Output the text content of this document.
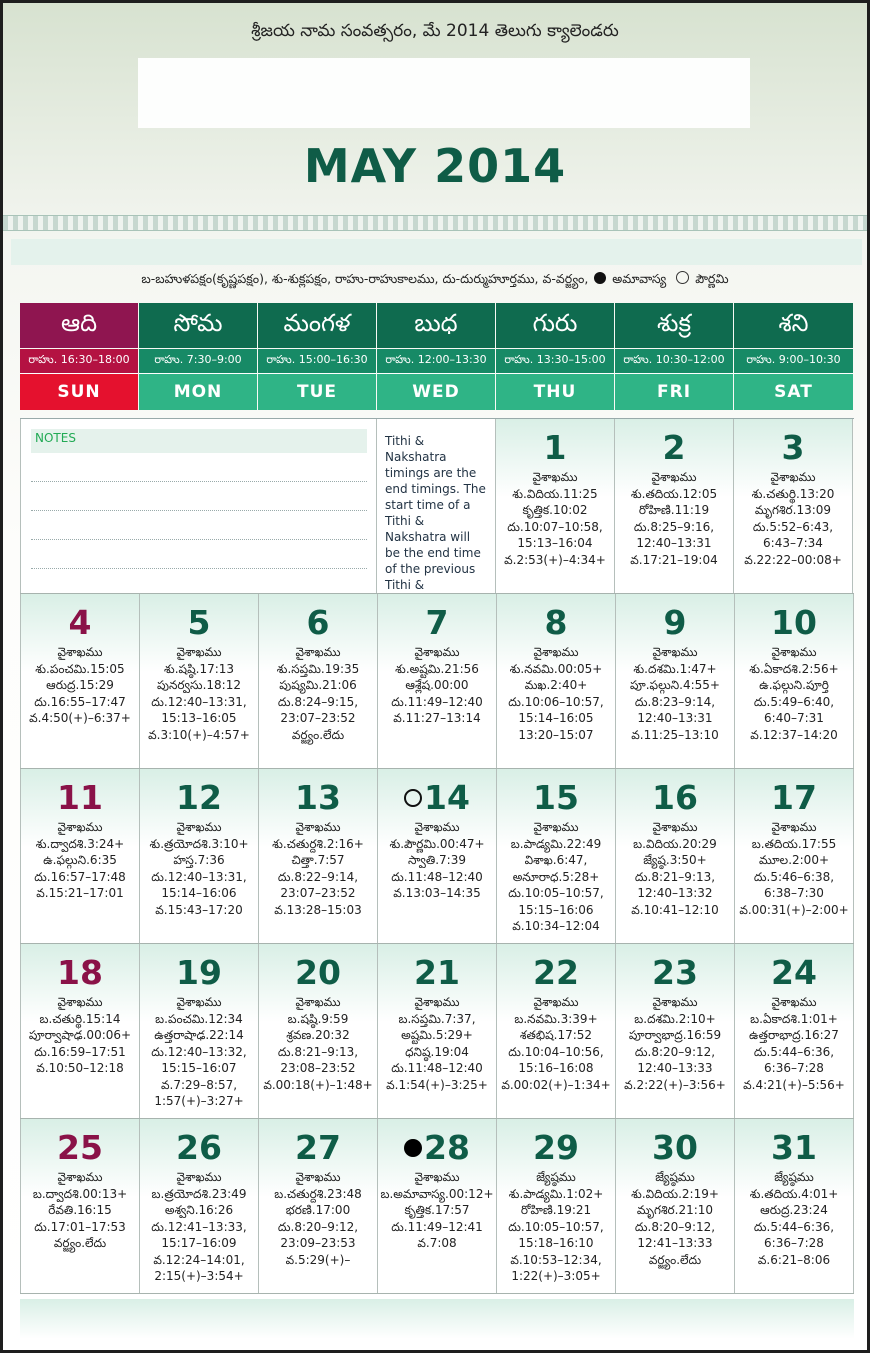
శ్రీజయ నామ సంవత్సరం, మే 2014 తెలుగు క్యాలెండరు
MAY 2014
బ-బహుళపక్షం(కృష్ణపక్షం), శు-శుక్లపక్షం, రాహు-రాహుకాలము, దు-దుర్ముహూర్తము, వ-వర్జ్యం, అమావాస్య పౌర్ణమి
ఆది
రాహు. 16:30–18:00
SUN
సోమ
రాహు. 7:30–9:00
MON
మంగళ
రాహు. 15:00–16:30
TUE
బుధ
రాహు. 12:00–13:30
WED
గురు
రాహు. 13:30–15:00
THU
శుక్ర
రాహు. 10:30–12:00
FRI
శని
రాహు. 9:00–10:30
SAT
NOTES	Tithi & Nakshatra timings are the end timings. The start time of a Tithi & Nakshatra will be the end time of the previous Tithi &
1
వైశాఖము
శు.విదియ.11:25
కృత్తిక.10:02
దు.10:07–10:58,
15:13–16:04
వ.2:53(+)–4:34+
2
వైశాఖము
శు.తదియ.12:05
రోహిణి.11:19
దు.8:25–9:16,
12:40–13:31
వ.17:21–19:04
3
వైశాఖము
శు.చతుర్థి.13:20
మృగశిర.13:09
దు.5:52–6:43,
6:43–7:34
వ.22:22–00:08+
4
వైశాఖము
శు.పంచమి.15:05
ఆరుద్ర.15:29
దు.16:55–17:47
వ.4:50(+)–6:37+
5
వైశాఖము
శు.షష్ఠి.17:13
పునర్వసు.18:12
దు.12:40–13:31,
15:13–16:05
వ.3:10(+)–4:57+
6
వైశాఖము
శు.సప్తమి.19:35
పుష్యమి.21:06
దు.8:24–9:15,
23:07–23:52
వర్జ్యం.లేదు
7
వైశాఖము
శు.అష్టమి.21:56
ఆశ్లేష.00:00
దు.11:49–12:40
వ.11:27–13:14
8
వైశాఖము
శు.నవమి.00:05+
మఖ.2:40+
దు.10:06–10:57,
15:14–16:05
13:20–15:07
9
వైశాఖము
శు.దశమి.1:47+
పూ.ఫల్గుని.4:55+
దు.8:23–9:14,
12:40–13:31
వ.11:25–13:10
10
వైశాఖము
శు.ఏకాదశి.2:56+
ఉ.ఫల్గుని.పూర్తి
దు.5:49–6:40,
6:40–7:31
వ.12:37–14:20
11
వైశాఖము
శు.ద్వాదశి.3:24+
ఉ.ఫల్గుని.6:35
దు.16:57–17:48
వ.15:21–17:01
12
వైశాఖము
శు.త్రయోదశి.3:10+
హస్త.7:36
దు.12:40–13:31,
15:14–16:06
వ.15:43–17:20
13
వైశాఖము
శు.చతుర్దశి.2:16+
చిత్తా.7:57
దు.8:22–9:14,
23:07–23:52
వ.13:28–15:03
14
వైశాఖము
శు.పౌర్ణమి.00:47+
స్వాతి.7:39
దు.11:48–12:40
వ.13:03–14:35
15
వైశాఖము
బ.పాడ్యమి.22:49
విశాఖ.6:47,
అనూరాధ.5:28+
దు.10:05–10:57,
15:15–16:06
వ.10:34–12:04
16
వైశాఖము
బ.విదియ.20:29
జ్యేష్ఠ.3:50+
దు.8:21–9:13,
12:40–13:32
వ.10:41–12:10
17
వైశాఖము
బ.తదియ.17:55
మూల.2:00+
దు.5:46–6:38,
6:38–7:30
వ.00:31(+)–2:00+
18
వైశాఖము
బ.చతుర్థి.15:14
పూర్వాషాఢ.00:06+
దు.16:59–17:51
వ.10:50–12:18
19
వైశాఖము
బ.పంచమి.12:34
ఉత్తరాషాఢ.22:14
దు.12:40–13:32,
15:15–16:07
వ.7:29–8:57,
1:57(+)–3:27+
20
వైశాఖము
బ.షష్ఠి.9:59
శ్రవణ.20:32
దు.8:21–9:13,
23:08–23:52
వ.00:18(+)–1:48+
21
వైశాఖము
బ.సప్తమి.7:37,
అష్టమి.5:29+
ధనిష్ఠ.19:04
దు.11:48–12:40
వ.1:54(+)–3:25+
22
వైశాఖము
బ.నవమి.3:39+
శతభిష.17:52
దు.10:04–10:56,
15:16–16:08
వ.00:02(+)–1:34+
23
వైశాఖము
బ.దశమి.2:10+
పూర్వాభాద్ర.16:59
దు.8:20–9:12,
12:40–13:33
వ.2:22(+)–3:56+
24
వైశాఖము
బ.ఏకాదశి.1:01+
ఉత్తరాభాద్ర.16:27
దు.5:44–6:36,
6:36–7:28
వ.4:21(+)–5:56+
25
వైశాఖము
బ.ద్వాదశి.00:13+
రేవతి.16:15
దు.17:01–17:53
వర్జ్యం.లేదు
26
వైశాఖము
బ.త్రయోదశి.23:49
అశ్వని.16:26
దు.12:41–13:33,
15:17–16:09
వ.12:24–14:01,
2:15(+)–3:54+
27
వైశాఖము
బ.చతుర్దశి.23:48
భరణి.17:00
దు.8:20–9:12,
23:09–23:53
వ.5:29(+)–
28
వైశాఖము
బ.అమావాస్య.00:12+
కృత్తిక.17:57
దు.11:49–12:41
వ.7:08
29
జ్యేష్ఠము
శు.పాడ్యమి.1:02+
రోహిణి.19:21
దు.10:05–10:57,
15:18–16:10
వ.10:53–12:34,
1:22(+)–3:05+
30
జ్యేష్ఠము
శు.విదియ.2:19+
మృగశిర.21:10
దు.8:20–9:12,
12:41–13:33
వర్జ్యం.లేదు
31
జ్యేష్ఠము
శు.తదియ.4:01+
ఆరుద్ర.23:24
దు.5:44–6:36,
6:36–7:28
వ.6:21–8:06
